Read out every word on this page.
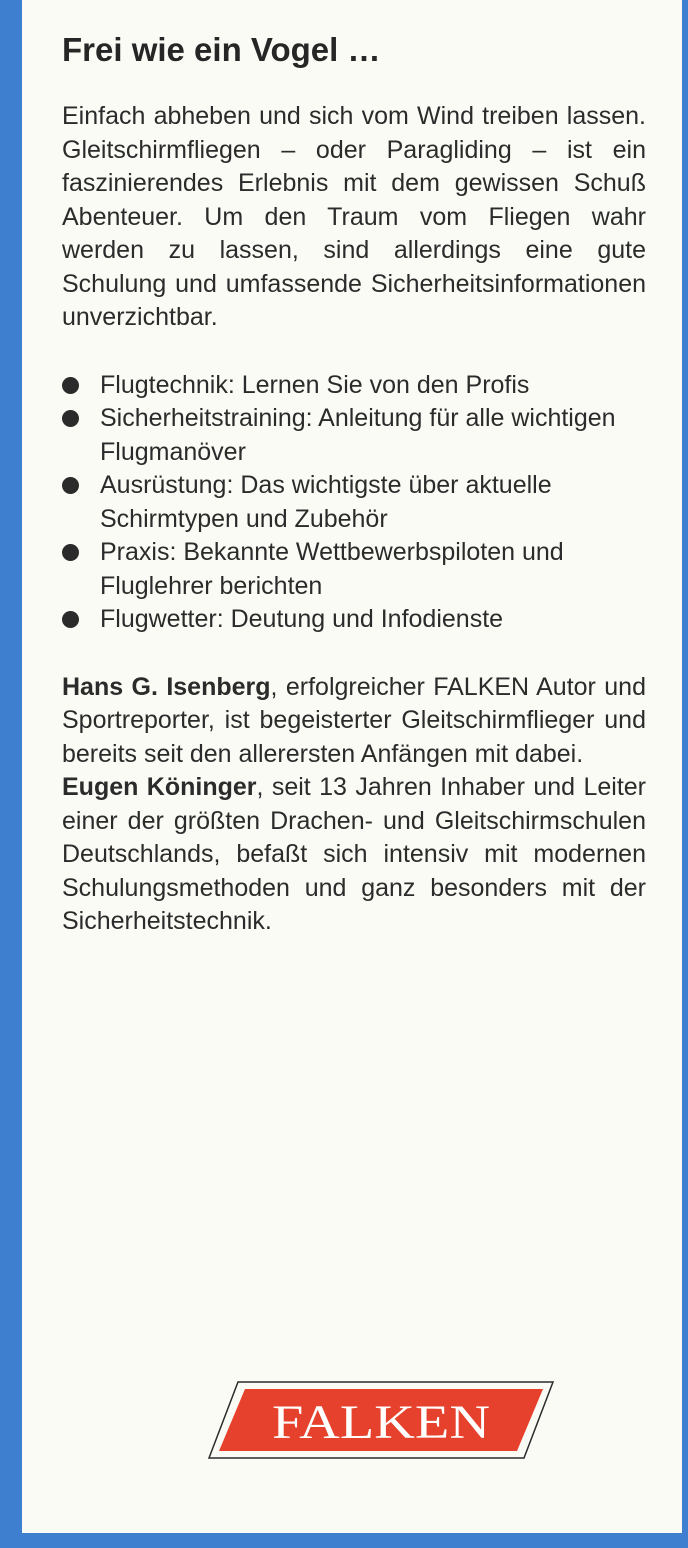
Frei wie ein Vogel …

Einfach abheben und sich vom Wind treiben lassen. Gleitschirmfliegen – oder Paragliding – ist ein faszinierendes Erlebnis mit dem gewissen Schuß Abenteuer. Um den Traum vom Fliegen wahr werden zu lassen, sind allerdings eine gute Schulung und umfassende Sicherheitsinformationen unverzichtbar.

Flugtechnik: Lernen Sie von den Profis
Sicherheitstraining: Anleitung für alle wichtigen Flugmanöver
Ausrüstung: Das wichtigste über aktuelle Schirmtypen und Zubehör
Praxis: Bekannte Wettbewerbspiloten und Fluglehrer berichten
Flugwetter: Deutung und Infodienste

Hans G. Isenberg, erfolgreicher FALKEN Autor und Sportreporter, ist begeisterter Gleitschirmflieger und bereits seit den allerersten Anfängen mit dabei.

Eugen Köninger, seit 13 Jahren Inhaber und Leiter einer der größten Drachen- und Gleitschirmschulen Deutschlands, befaßt sich intensiv mit modernen Schulungsmethoden und ganz besonders mit der Sicherheitstechnik.

FALKEN
